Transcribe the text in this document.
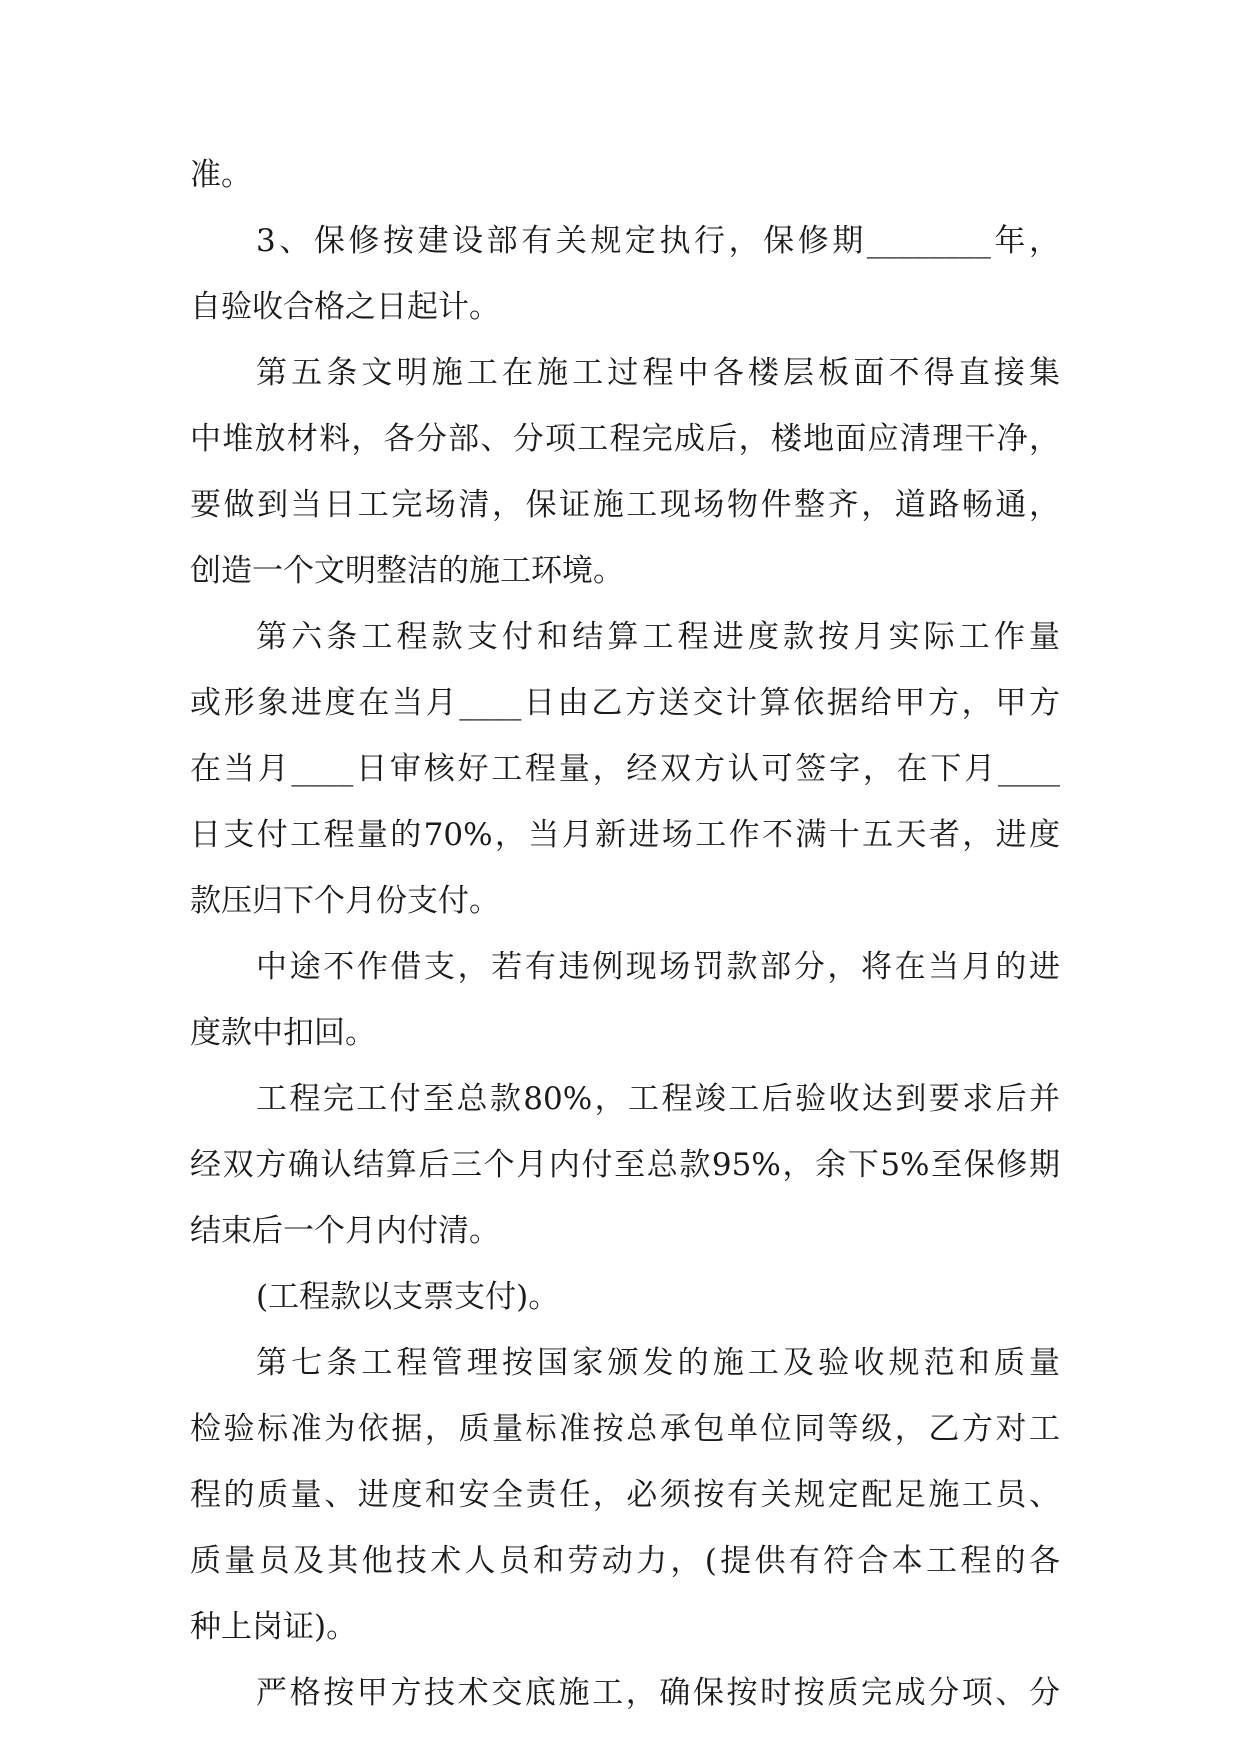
准。

3、保修按建设部有关规定执行，保修期________年，

自验收合格之日起计。

第五条文明施工在施工过程中各楼层板面不得直接集

中堆放材料，各分部、分项工程完成后，楼地面应清理干净，

要做到当日工完场清，保证施工现场物件整齐，道路畅通，

创造一个文明整洁的施工环境。

第六条工程款支付和结算工程进度款按月实际工作量

或形象进度在当月____日由乙方送交计算依据给甲方，甲方

在当月____日审核好工程量，经双方认可签字，在下月____

日支付工程量的70%，当月新进场工作不满十五天者，进度

款压归下个月份支付。

中途不作借支，若有违例现场罚款部分，将在当月的进

度款中扣回。

工程完工付至总款80%，工程竣工后验收达到要求后并

经双方确认结算后三个月内付至总款95%，余下5%至保修期

结束后一个月内付清。

(工程款以支票支付)。

第七条工程管理按国家颁发的施工及验收规范和质量

检验标准为依据，质量标准按总承包单位同等级，乙方对工

程的质量、进度和安全责任，必须按有关规定配足施工员、

质量员及其他技术人员和劳动力，(提供有符合本工程的各

种上岗证)。

严格按甲方技术交底施工，确保按时按质完成分项、分
